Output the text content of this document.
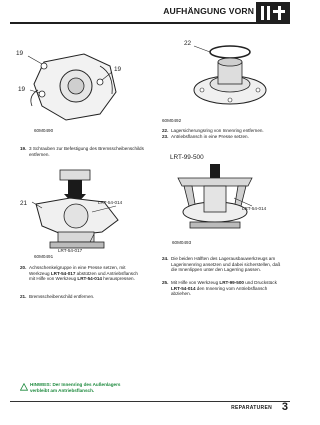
AUFHÄNGUNG VORN
19
19
19
60M0490
19. 3 Schrauben zur Befestigung des Bremsscheibenschilds entfernen.
21	LRT-54-014
LRT-54-017
60M0491
20. Achsschenkelgruppe in eine Presse setzen, mit Werkzeug LRT-54-017 abstützen und Antriebsflansch mit Hilfe von Werkzeug LRT-54-014 herauspressen.
21. Bremsscheibenschild entfernen.
HINWEIS: Der Innenring des Außenlagers verbleibt am Antriebsflansch.
22
60M0492
22. Lagersicherungsring von Innenring entfernen.
23. Antriebsflansch in eine Presse setzen.
LRT-99-500
LRT-54-014
60M0493
24. Die beiden Hälften des Lagerausbauwerkzeugs am Lagerinnenring ansetzen und dabei sicherstellen, daß die Innenlippen unter den Lagerring passen.
25. Mit Hilfe von Werkzeug LRT-99-500 und Druckstück LRT-54-014 den Innenring vom Antriebsflansch abziehen.
REPARATUREN 3
